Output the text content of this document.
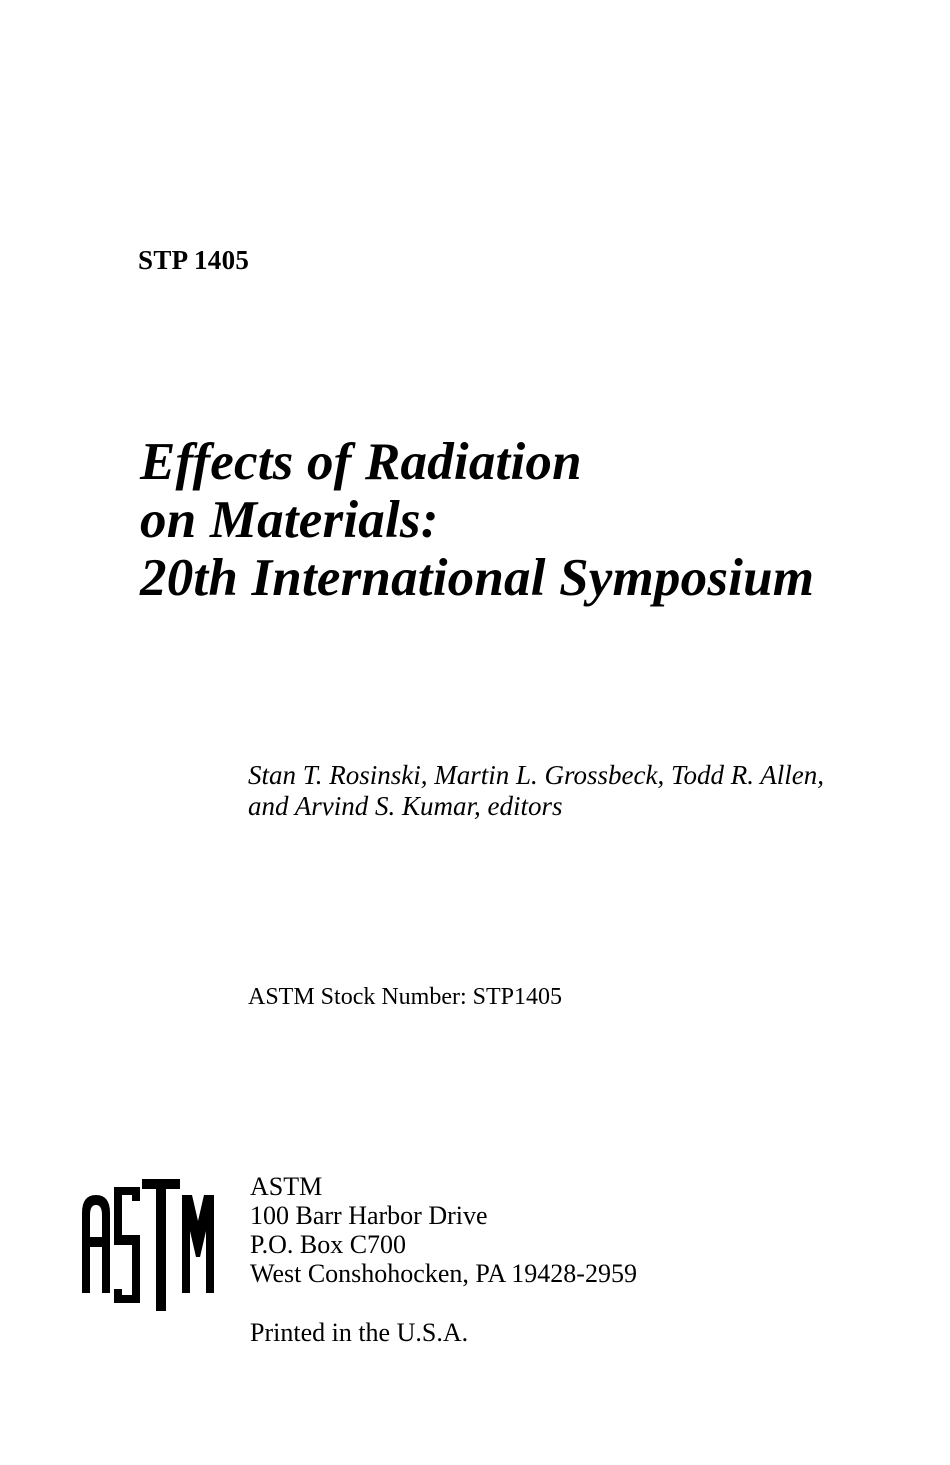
STP 1405
Effects of Radiation
on Materials:
20th International Symposium
Stan T. Rosinski, Martin L. Grossbeck, Todd R. Allen,
and Arvind S. Kumar, editors
ASTM Stock Number: STP1405
ASTM
100 Barr Harbor Drive
P.O. Box C700
West Conshohocken, PA 19428-2959
Printed in the U.S.A.
